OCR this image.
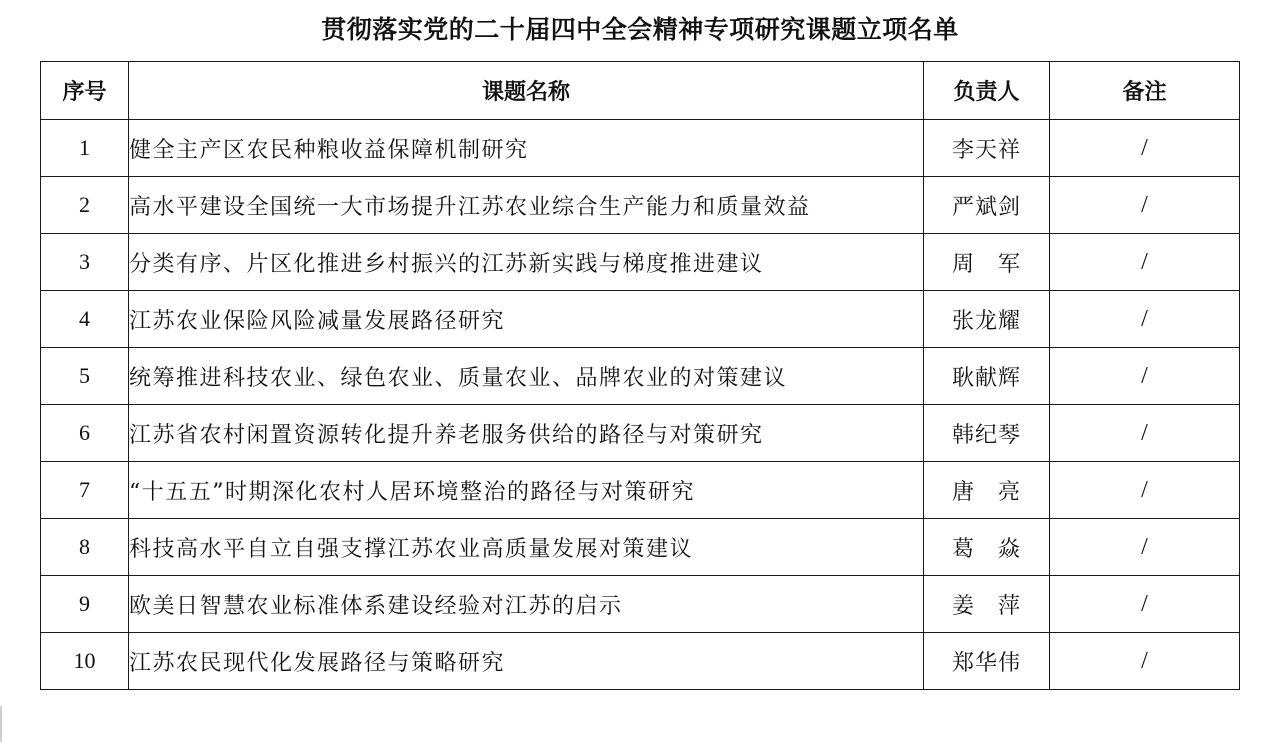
贯彻落实党的二十届四中全会精神专项研究课题立项名单
序号	课题名称	负责人	备注
1	健全主产区农民种粮收益保障机制研究	李天祥	/
2	高水平建设全国统一大市场提升江苏农业综合生产能力和质量效益	严斌剑	/
3	分类有序、片区化推进乡村振兴的江苏新实践与梯度推进建议	周　军	/
4	江苏农业保险风险减量发展路径研究	张龙耀	/
5	统筹推进科技农业、绿色农业、质量农业、品牌农业的对策建议	耿献辉	/
6	江苏省农村闲置资源转化提升养老服务供给的路径与对策研究	韩纪琴	/
7	“十五五”时期深化农村人居环境整治的路径与对策研究	唐　亮	/
8	科技高水平自立自强支撑江苏农业高质量发展对策建议	葛　焱	/
9	欧美日智慧农业标准体系建设经验对江苏的启示	姜　萍	/
10	江苏农民现代化发展路径与策略研究	郑华伟	/
